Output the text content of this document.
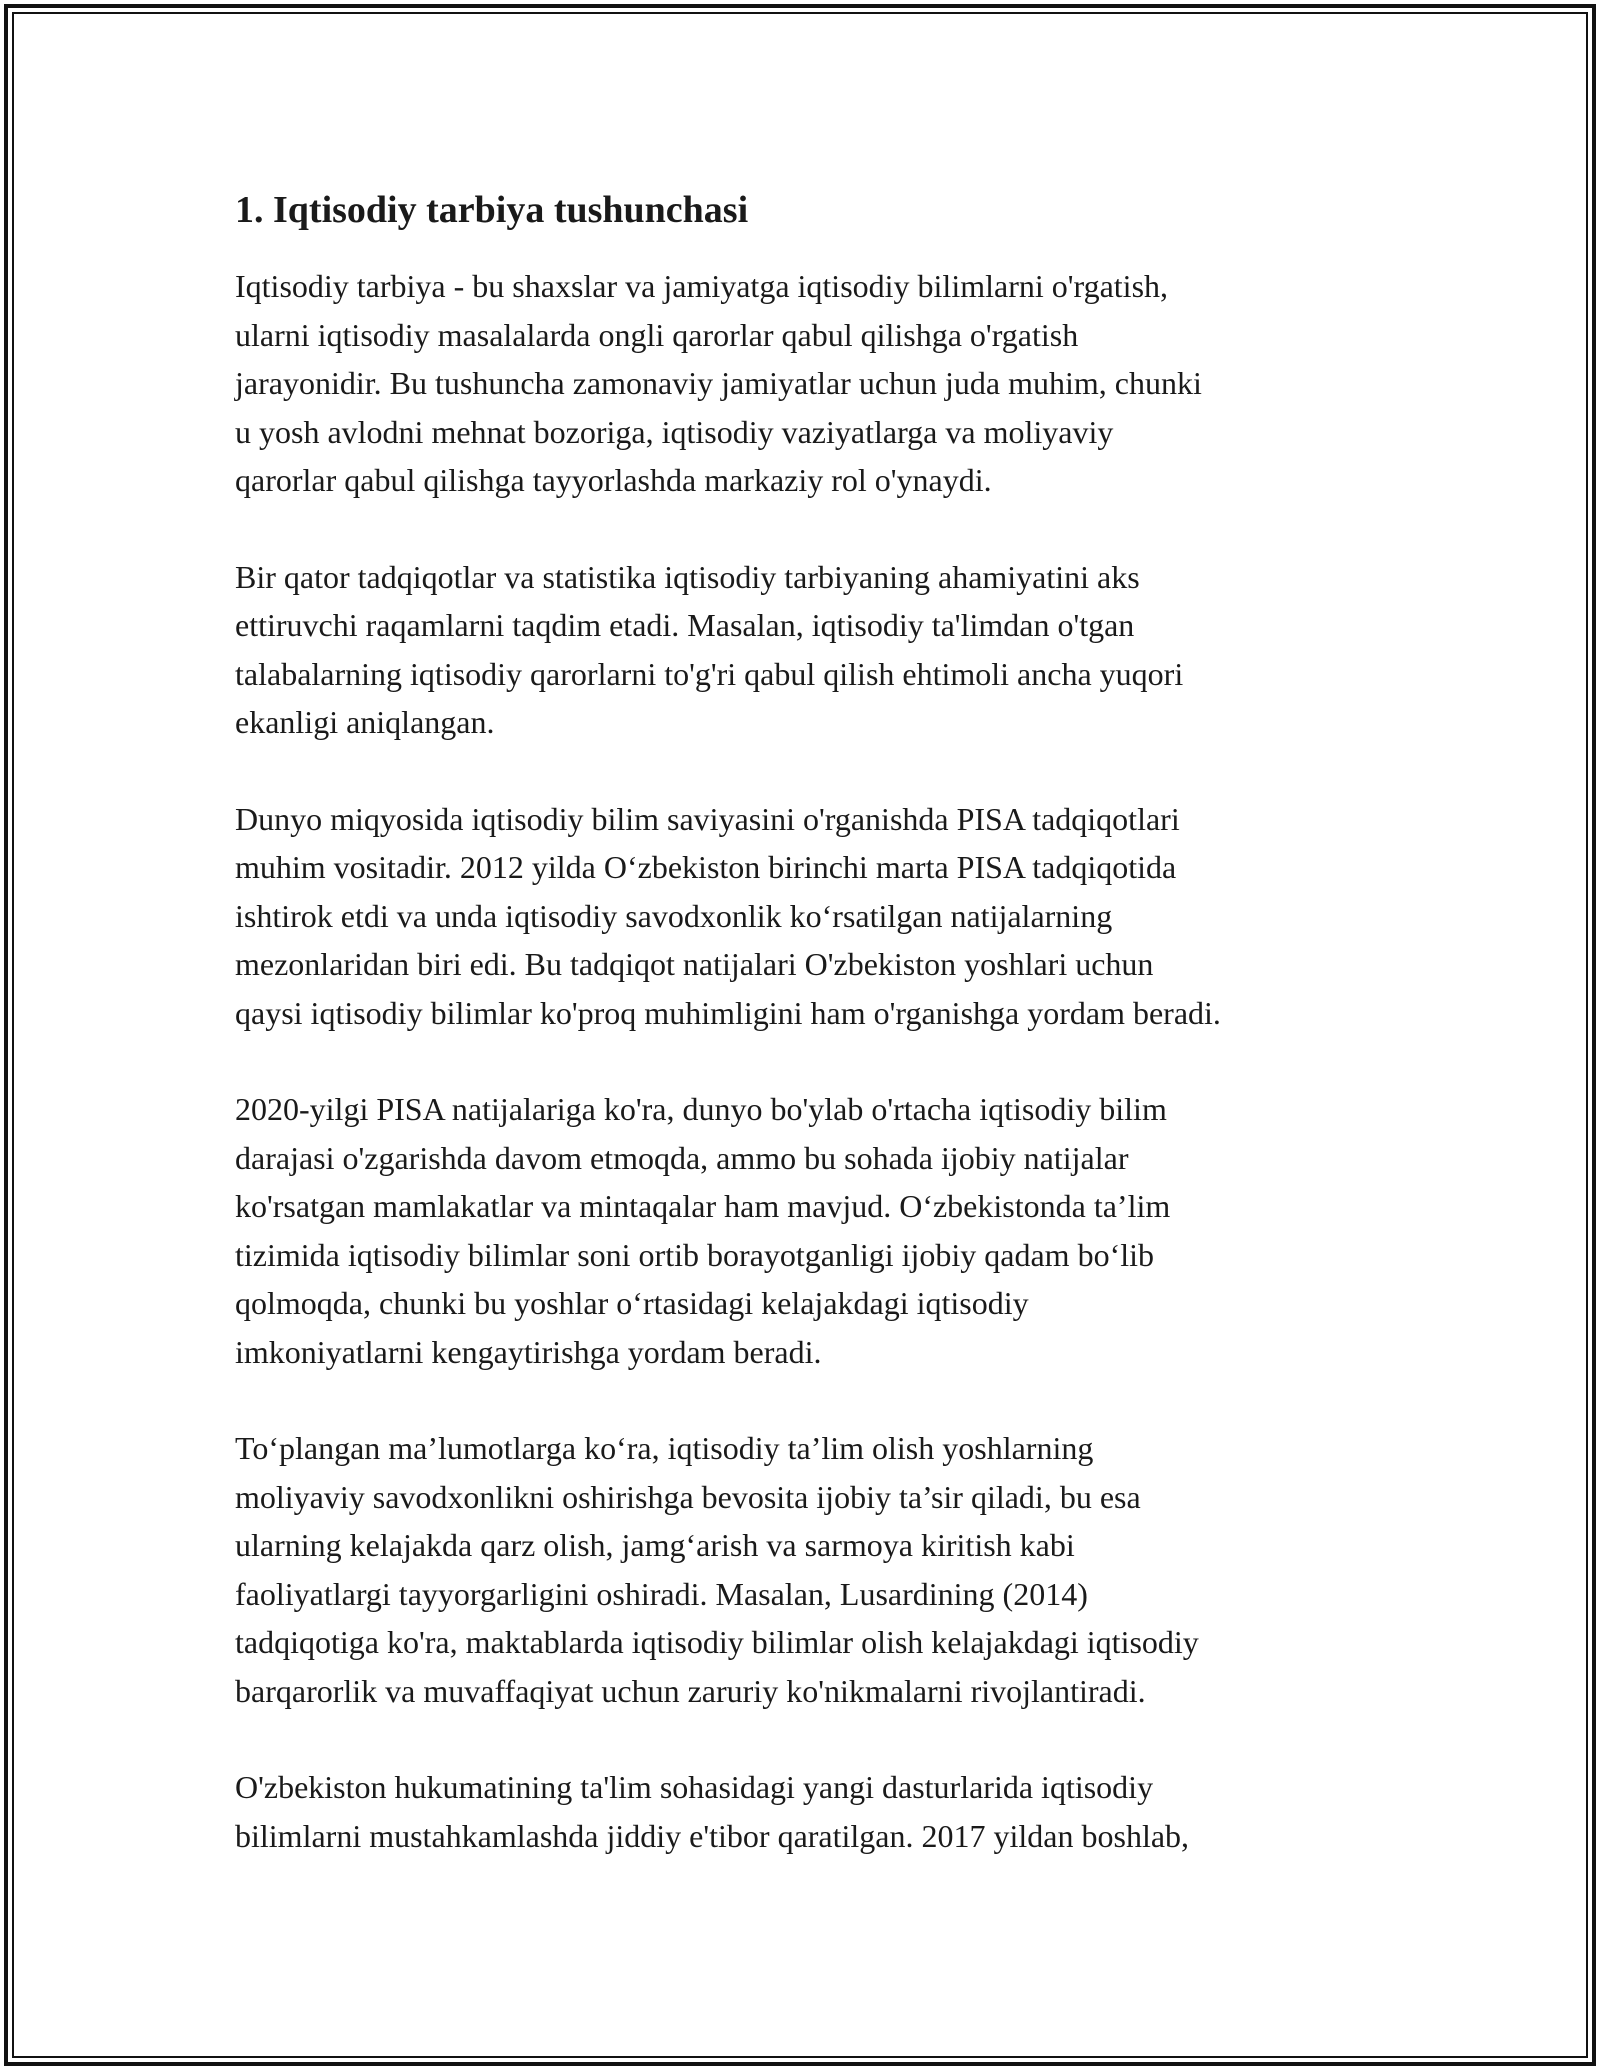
1. Iqtisodiy tarbiya tushunchasi

Iqtisodiy tarbiya - bu shaxslar va jamiyatga iqtisodiy bilimlarni o'rgatish,
ularni iqtisodiy masalalarda ongli qarorlar qabul qilishga o'rgatish
jarayonidir. Bu tushuncha zamonaviy jamiyatlar uchun juda muhim, chunki
u yosh avlodni mehnat bozoriga, iqtisodiy vaziyatlarga va moliyaviy
qarorlar qabul qilishga tayyorlashda markaziy rol o'ynaydi.

Bir qator tadqiqotlar va statistika iqtisodiy tarbiyaning ahamiyatini aks
ettiruvchi raqamlarni taqdim etadi. Masalan, iqtisodiy ta'limdan o'tgan
talabalarning iqtisodiy qarorlarni to'g'ri qabul qilish ehtimoli ancha yuqori
ekanligi aniqlangan.

Dunyo miqyosida iqtisodiy bilim saviyasini o'rganishda PISA tadqiqotlari
muhim vositadir. 2012 yilda O‘zbekiston birinchi marta PISA tadqiqotida
ishtirok etdi va unda iqtisodiy savodxonlik ko‘rsatilgan natijalarning
mezonlaridan biri edi. Bu tadqiqot natijalari O'zbekiston yoshlari uchun
qaysi iqtisodiy bilimlar ko'proq muhimligini ham o'rganishga yordam beradi.

2020-yilgi PISA natijalariga ko'ra, dunyo bo'ylab o'rtacha iqtisodiy bilim
darajasi o'zgarishda davom etmoqda, ammo bu sohada ijobiy natijalar
ko'rsatgan mamlakatlar va mintaqalar ham mavjud. O‘zbekistonda ta’lim
tizimida iqtisodiy bilimlar soni ortib borayotganligi ijobiy qadam bo‘lib
qolmoqda, chunki bu yoshlar o‘rtasidagi kelajakdagi iqtisodiy
imkoniyatlarni kengaytirishga yordam beradi.

To‘plangan ma’lumotlarga ko‘ra, iqtisodiy ta’lim olish yoshlarning
moliyaviy savodxonlikni oshirishga bevosita ijobiy ta’sir qiladi, bu esa
ularning kelajakda qarz olish, jamg‘arish va sarmoya kiritish kabi
faoliyatlargi tayyorgarligini oshiradi. Masalan, Lusardining (2014)
tadqiqotiga ko'ra, maktablarda iqtisodiy bilimlar olish kelajakdagi iqtisodiy
barqarorlik va muvaffaqiyat uchun zaruriy ko'nikmalarni rivojlantiradi.

O'zbekiston hukumatining ta'lim sohasidagi yangi dasturlarida iqtisodiy
bilimlarni mustahkamlashda jiddiy e'tibor qaratilgan. 2017 yildan boshlab,
